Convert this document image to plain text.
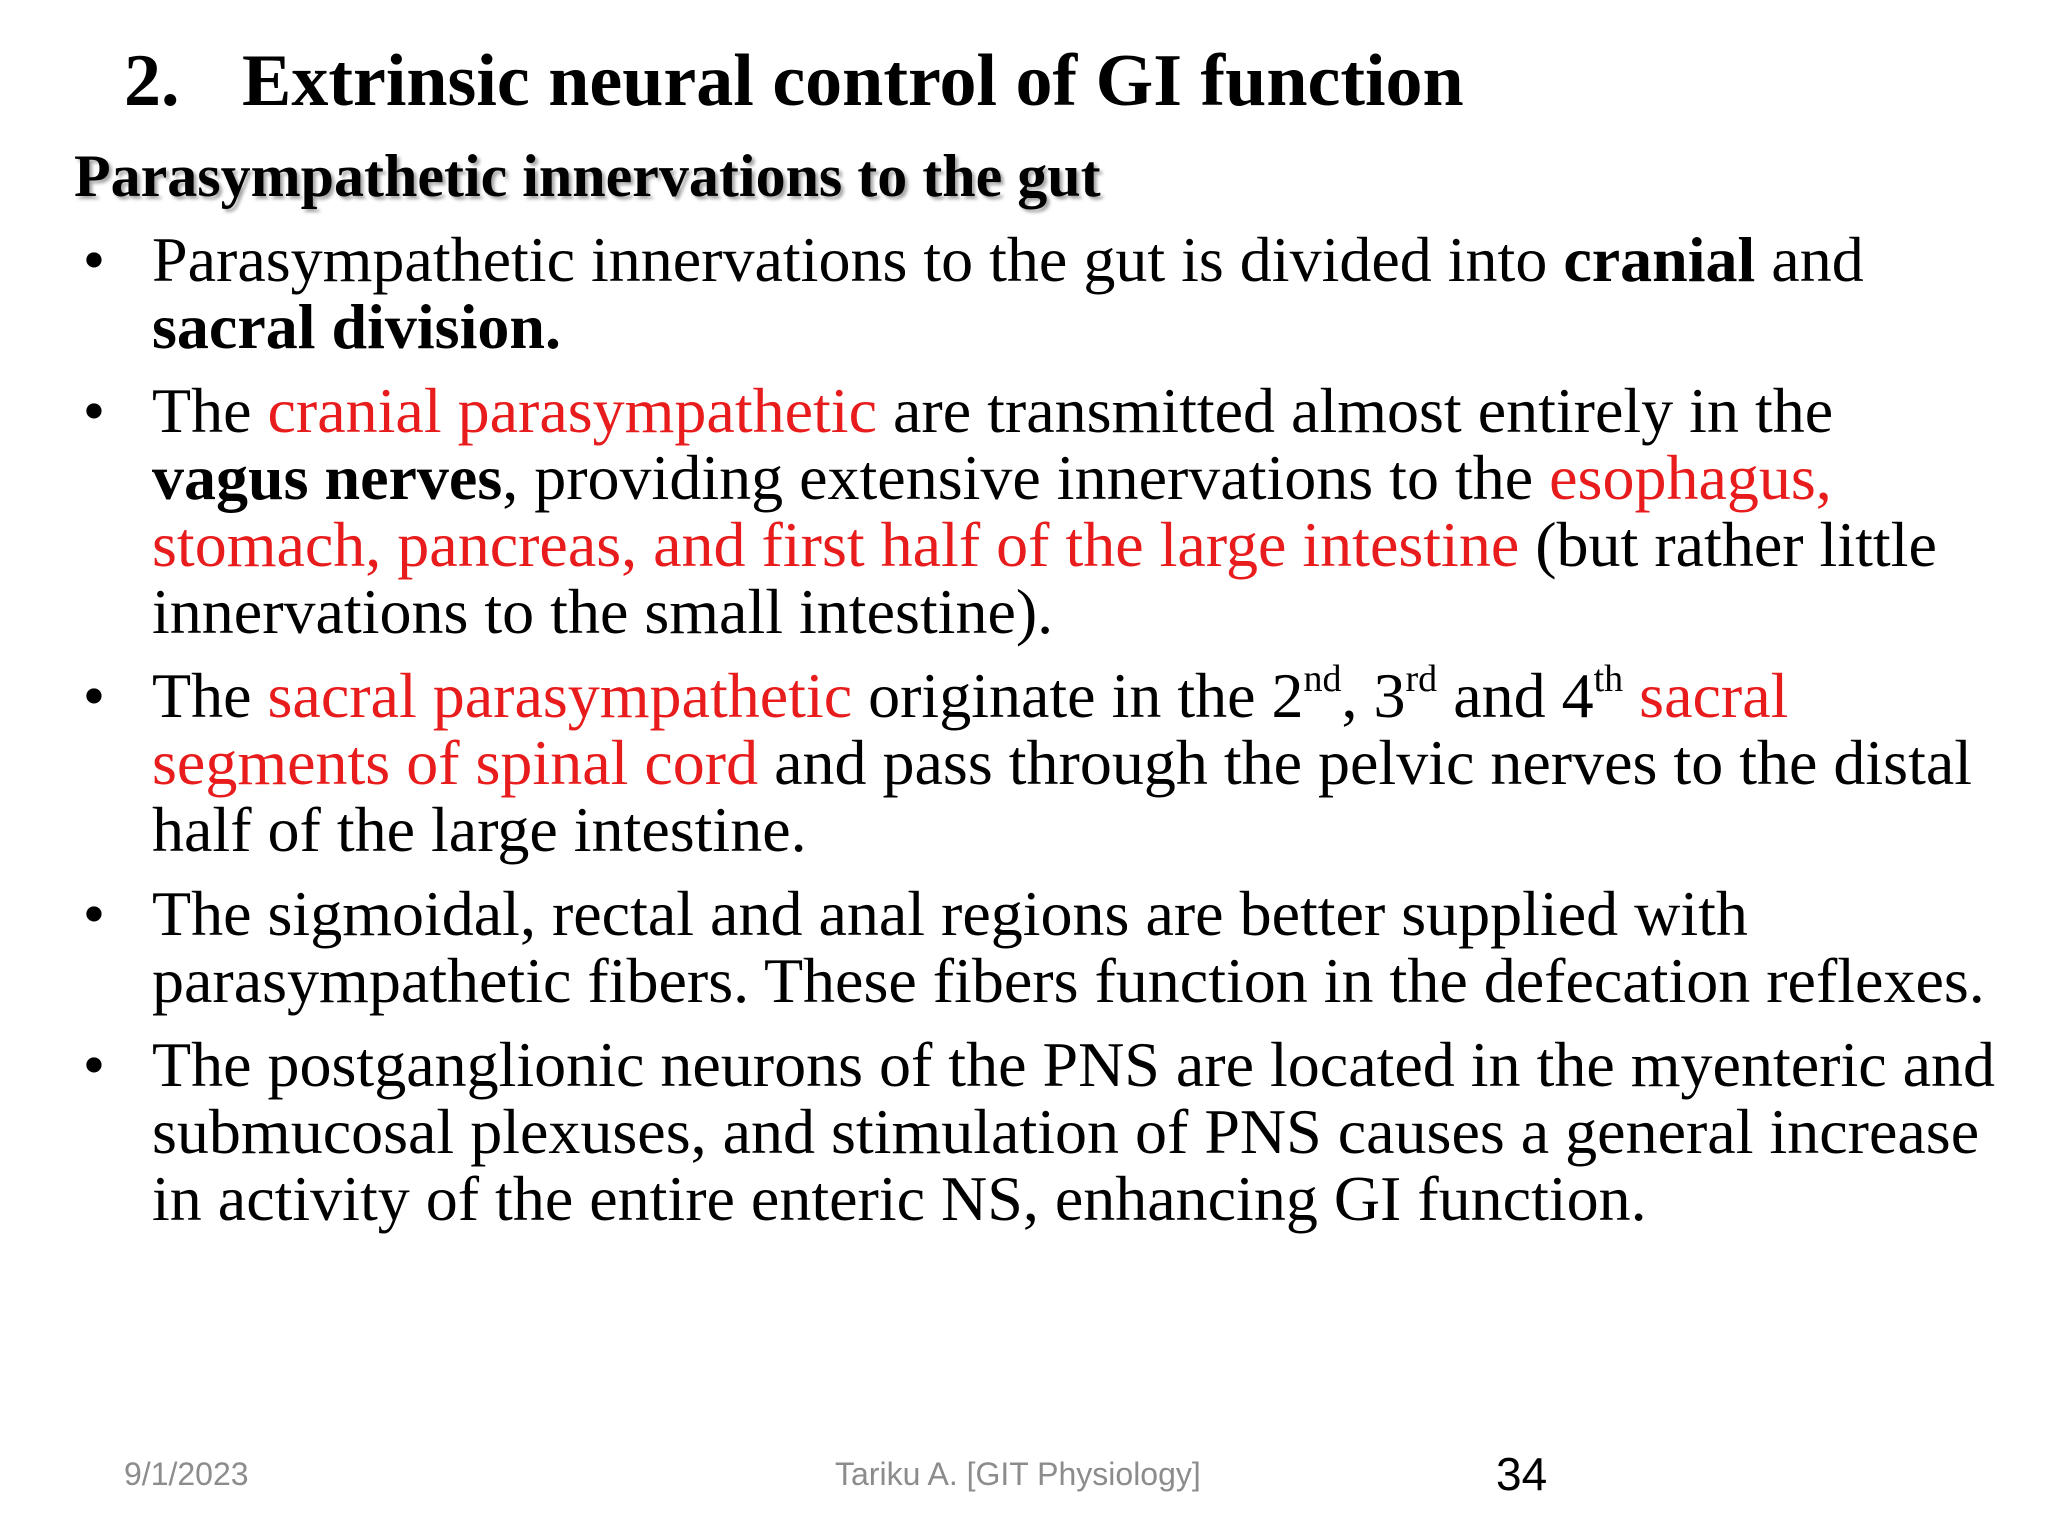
2. Extrinsic neural control of GI function
Parasympathetic innervations to the gut
• Parasympathetic innervations to the gut is divided into cranial and sacral division.
• The cranial parasympathetic are transmitted almost entirely in the vagus nerves, providing extensive innervations to the esophagus, stomach, pancreas, and first half of the large intestine (but rather little innervations to the small intestine).
• The sacral parasympathetic originate in the 2nd, 3rd and 4th sacral segments of spinal cord and pass through the pelvic nerves to the distal half of the large intestine.
• The sigmoidal, rectal and anal regions are better supplied with parasympathetic fibers. These fibers function in the defecation reflexes.
• The postganglionic neurons of the PNS are located in the myenteric and submucosal plexuses, and stimulation of PNS causes a general increase in activity of the entire enteric NS, enhancing GI function.
9/1/2023	Tariku A. [GIT Physiology]	34
